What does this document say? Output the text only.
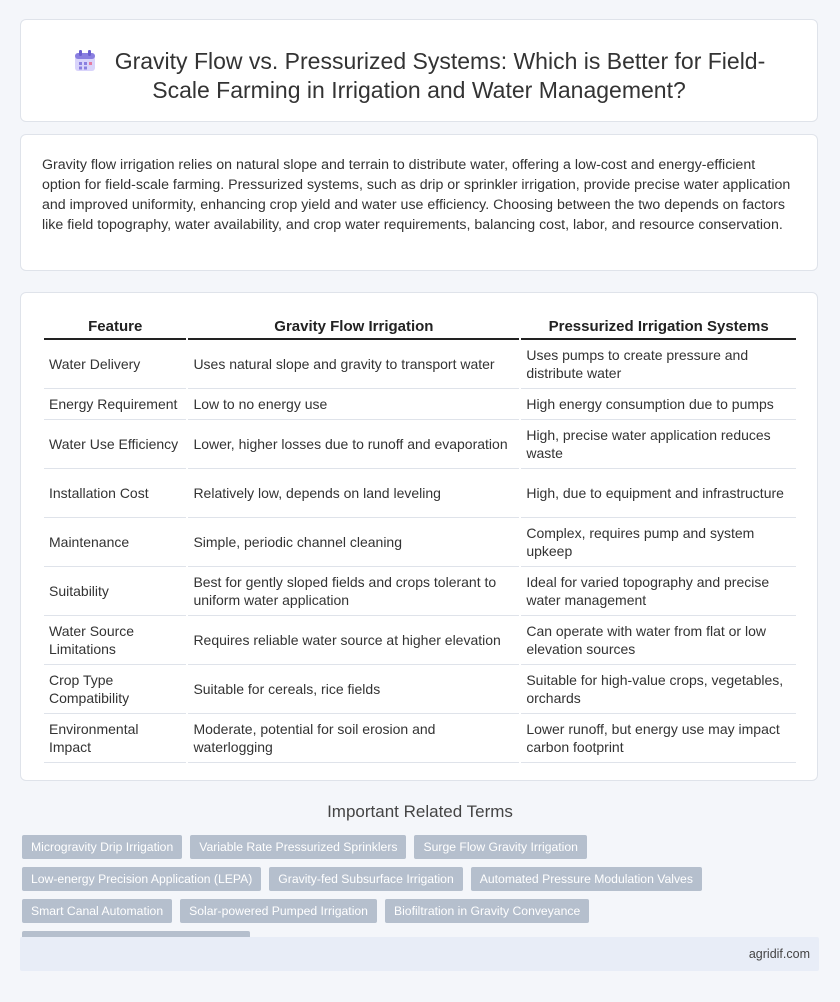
Gravity Flow vs. Pressurized Systems: Which is Better for Field-
Scale Farming in Irrigation and Water Management?

Gravity flow irrigation relies on natural slope and terrain to distribute water, offering a low-cost and energy-efficient option for field-scale farming. Pressurized systems, such as drip or sprinkler irrigation, provide precise water application and improved uniformity, enhancing crop yield and water use efficiency. Choosing between the two depends on factors like field topography, water availability, and crop water requirements, balancing cost, labor, and resource conservation.

Feature	Gravity Flow Irrigation	Pressurized Irrigation Systems
Water Delivery	Uses natural slope and gravity to transport water	Uses pumps to create pressure and distribute water
Energy Requirement	Low to no energy use	High energy consumption due to pumps
Water Use Efficiency	Lower, higher losses due to runoff and evaporation	High, precise water application reduces waste
Installation Cost	Relatively low, depends on land leveling	High, due to equipment and infrastructure
Maintenance	Simple, periodic channel cleaning	Complex, requires pump and system upkeep
Suitability	Best for gently sloped fields and crops tolerant to uniform water application	Ideal for varied topography and precise water management
Water Source Limitations	Requires reliable water source at higher elevation	Can operate with water from flat or low elevation sources
Crop Type Compatibility	Suitable for cereals, rice fields	Suitable for high-value crops, vegetables, orchards
Environmental Impact	Moderate, potential for soil erosion and waterlogging	Lower runoff, but energy use may impact carbon footprint
Important Related Terms
Microgravity Drip Irrigation	Variable Rate Pressurized Sprinklers	Surge Flow Gravity Irrigation
Low-energy Precision Application (LEPA)	Gravity-fed Subsurface Irrigation	Automated Pressure Modulation Valves
Smart Canal Automation	Solar-powered Pumped Irrigation	Biofiltration in Gravity Conveyance
agridif.com
